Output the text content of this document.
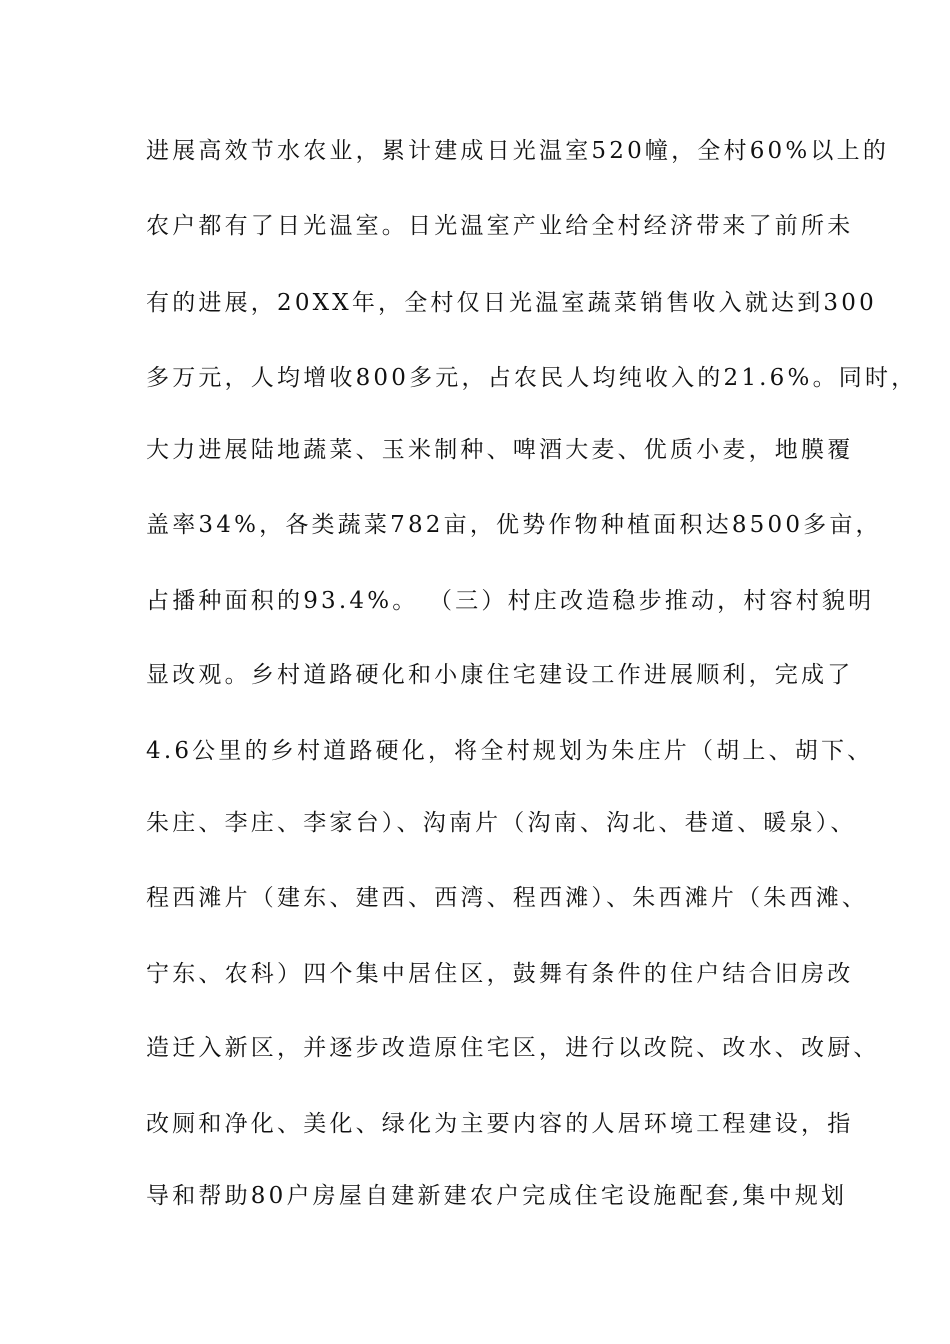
进展高效节水农业，累计建成日光温室520幢，全村60%以上的
农户都有了日光温室。日光温室产业给全村经济带来了前所未
有的进展，20XX年，全村仅日光温室蔬菜销售收入就达到300
多万元，人均增收800多元，占农民人均纯收入的21.6%。同时，
大力进展陆地蔬菜、玉米制种、啤酒大麦、优质小麦，地膜覆
盖率34%，各类蔬菜782亩，优势作物种植面积达8500多亩，
占播种面积的93.4%。 （三）村庄改造稳步推动，村容村貌明
显改观。乡村道路硬化和小康住宅建设工作进展顺利，完成了
4.6公里的乡村道路硬化，将全村规划为朱庄片（胡上、胡下、
朱庄、李庄、李家台）、沟南片（沟南、沟北、巷道、暖泉）、
程西滩片（建东、建西、西湾、程西滩）、朱西滩片（朱西滩、
宁东、农科）四个集中居住区，鼓舞有条件的住户结合旧房改
造迁入新区，并逐步改造原住宅区，进行以改院、改水、改厨、
改厕和净化、美化、绿化为主要内容的人居环境工程建设，指
导和帮助80户房屋自建新建农户完成住宅设施配套,集中规划
